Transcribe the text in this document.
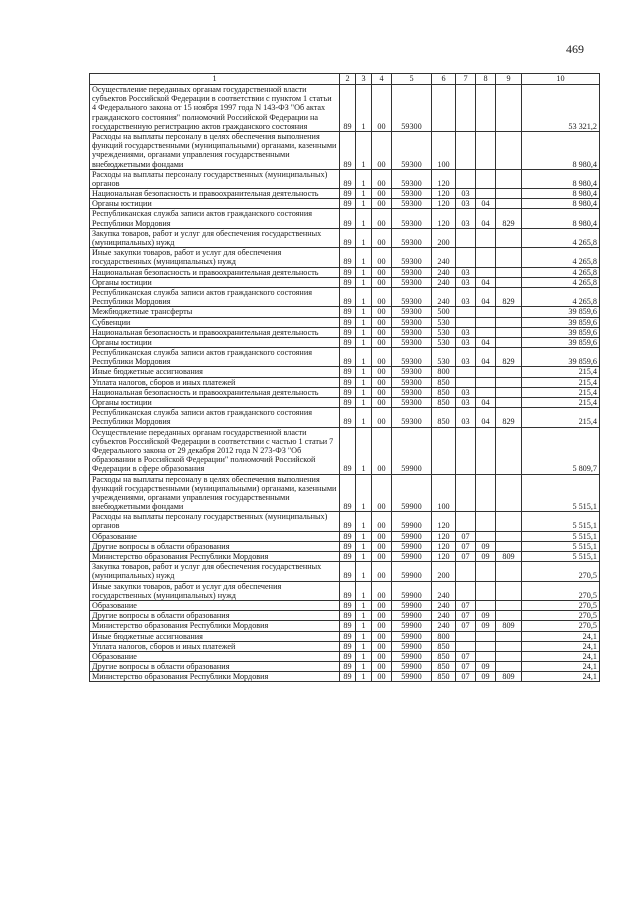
469
1	2	3	4	5	6	7	8	9	10
Осуществление переданных органам государственной власти субъектов Российской Федерации в соответствии с пунктом 1 статьи 4 Федерального закона от 15 ноября 1997 года N 143-ФЗ "Об актах гражданского состояния" полномочий Российской Федерации на государственную регистрацию актов гражданского состояния	89	1	00	59300					53 321,2
Расходы на выплаты персоналу в целях обеспечения выполнения функций государственными (муниципальными) органами, казенными учреждениями, органами управления государственными внебюджетными фондами	89	1	00	59300	100				8 980,4
Расходы на выплаты персоналу государственных (муниципальных) органов	89	1	00	59300	120				8 980,4
Национальная безопасность и правоохранительная деятельность	89	1	00	59300	120	03			8 980,4
Органы юстиции	89	1	00	59300	120	03	04		8 980,4
Республиканская служба записи актов гражданского состояния Республики Мордовия	89	1	00	59300	120	03	04	829	8 980,4
Закупка товаров, работ и услуг для обеспечения государственных (муниципальных) нужд	89	1	00	59300	200				4 265,8
Иные закупки товаров, работ и услуг для обеспечения государственных (муниципальных) нужд	89	1	00	59300	240				4 265,8
Национальная безопасность и правоохранительная деятельность	89	1	00	59300	240	03			4 265,8
Органы юстиции	89	1	00	59300	240	03	04		4 265,8
Республиканская служба записи актов гражданского состояния Республики Мордовия	89	1	00	59300	240	03	04	829	4 265,8
Межбюджетные трансферты	89	1	00	59300	500				39 859,6
Субвенции	89	1	00	59300	530				39 859,6
Национальная безопасность и правоохранительная деятельность	89	1	00	59300	530	03			39 859,6
Органы юстиции	89	1	00	59300	530	03	04		39 859,6
Республиканская служба записи актов гражданского состояния Республики Мордовия	89	1	00	59300	530	03	04	829	39 859,6
Иные бюджетные ассигнования	89	1	00	59300	800				215,4
Уплата налогов, сборов и иных платежей	89	1	00	59300	850				215,4
Национальная безопасность и правоохранительная деятельность	89	1	00	59300	850	03			215,4
Органы юстиции	89	1	00	59300	850	03	04		215,4
Республиканская служба записи актов гражданского состояния Республики Мордовия	89	1	00	59300	850	03	04	829	215,4
Осуществление переданных органам государственной власти субъектов Российской Федерации в соответствии с частью 1 статьи 7 Федерального закона от 29 декабря 2012 года N 273-ФЗ "Об образовании в Российской Федерации" полномочий Российской Федерации в сфере образования	89	1	00	59900					5 809,7
Расходы на выплаты персоналу в целях обеспечения выполнения функций государственными (муниципальными) органами, казенными учреждениями, органами управления государственными внебюджетными фондами	89	1	00	59900	100				5 515,1
Расходы на выплаты персоналу государственных (муниципальных) органов	89	1	00	59900	120				5 515,1
Образование	89	1	00	59900	120	07			5 515,1
Другие вопросы в области образования	89	1	00	59900	120	07	09		5 515,1
Министерство образования Республики Мордовия	89	1	00	59900	120	07	09	809	5 515,1
Закупка товаров, работ и услуг для обеспечения государственных (муниципальных) нужд	89	1	00	59900	200				270,5
Иные закупки товаров, работ и услуг для обеспечения государственных (муниципальных) нужд	89	1	00	59900	240				270,5
Образование	89	1	00	59900	240	07			270,5
Другие вопросы в области образования	89	1	00	59900	240	07	09		270,5
Министерство образования Республики Мордовия	89	1	00	59900	240	07	09	809	270,5
Иные бюджетные ассигнования	89	1	00	59900	800				24,1
Уплата налогов, сборов и иных платежей	89	1	00	59900	850				24,1
Образование	89	1	00	59900	850	07			24,1
Другие вопросы в области образования	89	1	00	59900	850	07	09		24,1
Министерство образования Республики Мордовия	89	1	00	59900	850	07	09	809	24,1
